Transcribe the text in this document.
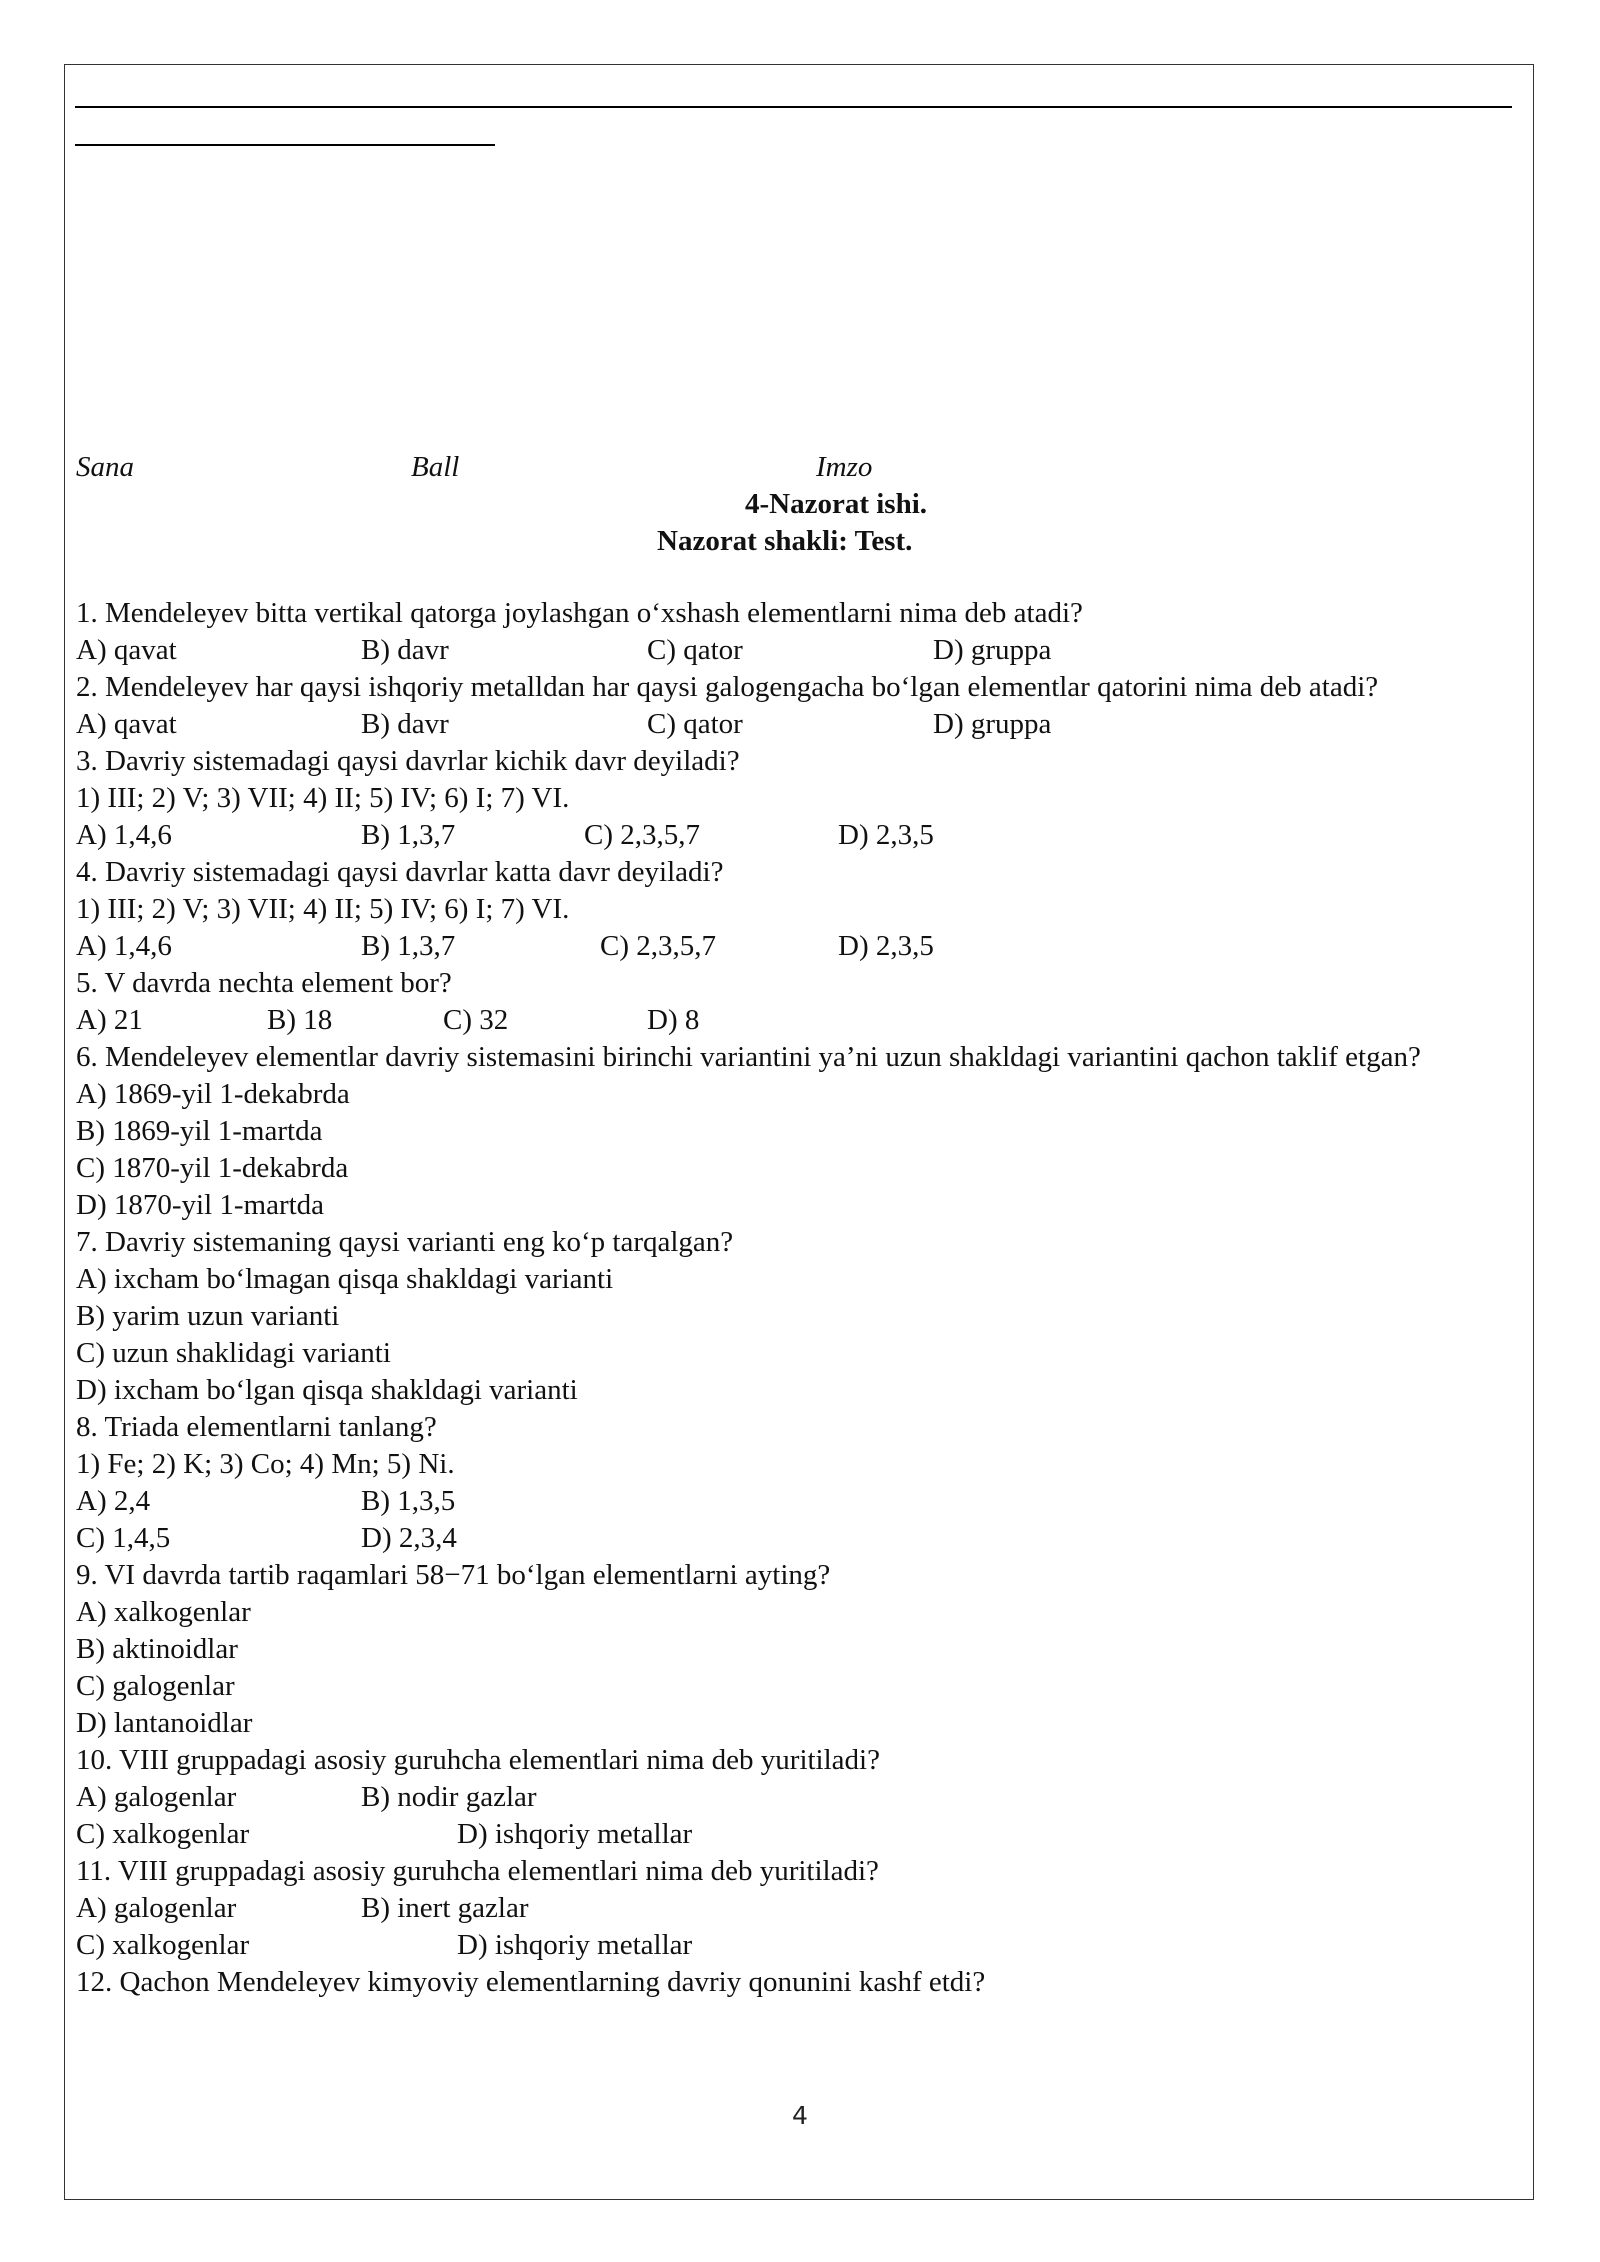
Sana	Ball	Imzo
4-Nazorat ishi.
Nazorat shakli: Test.

1. Mendeleyev bitta vertikal qatorga joylashgan o‘xshash elementlarni nima deb atadi?

A) qavat	B) davr	C) qator	D) gruppa

2. Mendeleyev har qaysi ishqoriy metalldan har qaysi galogengacha bo‘lgan elementlar qatorini nima deb atadi?

A) qavat	B) davr	C) qator	D) gruppa

3. Davriy sistemadagi qaysi davrlar kichik davr deyiladi?

1) III; 2) V; 3) VII; 4) II; 5) IV; 6) I; 7) VI.

A) 1,4,6	B) 1,3,7	C) 2,3,5,7	D) 2,3,5

4. Davriy sistemadagi qaysi davrlar katta davr deyiladi?

1) III; 2) V; 3) VII; 4) II; 5) IV; 6) I; 7) VI.

A) 1,4,6	B) 1,3,7	C) 2,3,5,7	D) 2,3,5

5. V davrda nechta element bor?

A) 21	B) 18	C) 32	D) 8

6. Mendeleyev elementlar davriy sistemasini birinchi variantini ya’ni uzun shakldagi variantini qachon taklif etgan?

A) 1869-yil 1-dekabrda
B) 1869-yil 1-martda
C) 1870-yil 1-dekabrda
D) 1870-yil 1-martda

7. Davriy sistemaning qaysi varianti eng ko‘p tarqalgan?

A) ixcham bo‘lmagan qisqa shakldagi varianti
B) yarim uzun varianti
C) uzun shaklidagi varianti
D) ixcham bo‘lgan qisqa shakldagi varianti

8. Triada elementlarni tanlang?

1) Fe; 2) K; 3) Co; 4) Mn; 5) Ni.

A) 2,4	B) 1,3,5
C) 1,4,5	D) 2,3,4

9. VI davrda tartib raqamlari 58−71 bo‘lgan elementlarni ayting?

A) xalkogenlar
B) aktinoidlar
C) galogenlar
D) lantanoidlar

10. VIII gruppadagi asosiy guruhcha elementlari nima deb yuritiladi?

A) galogenlar	B) nodir gazlar
C) xalkogenlar	D) ishqoriy metallar

11. VIII gruppadagi asosiy guruhcha elementlari nima deb yuritiladi?

A) galogenlar	B) inert gazlar
C) xalkogenlar	D) ishqoriy metallar

12. Qachon Mendeleyev kimyoviy elementlarning davriy qonunini kashf etdi?

4
